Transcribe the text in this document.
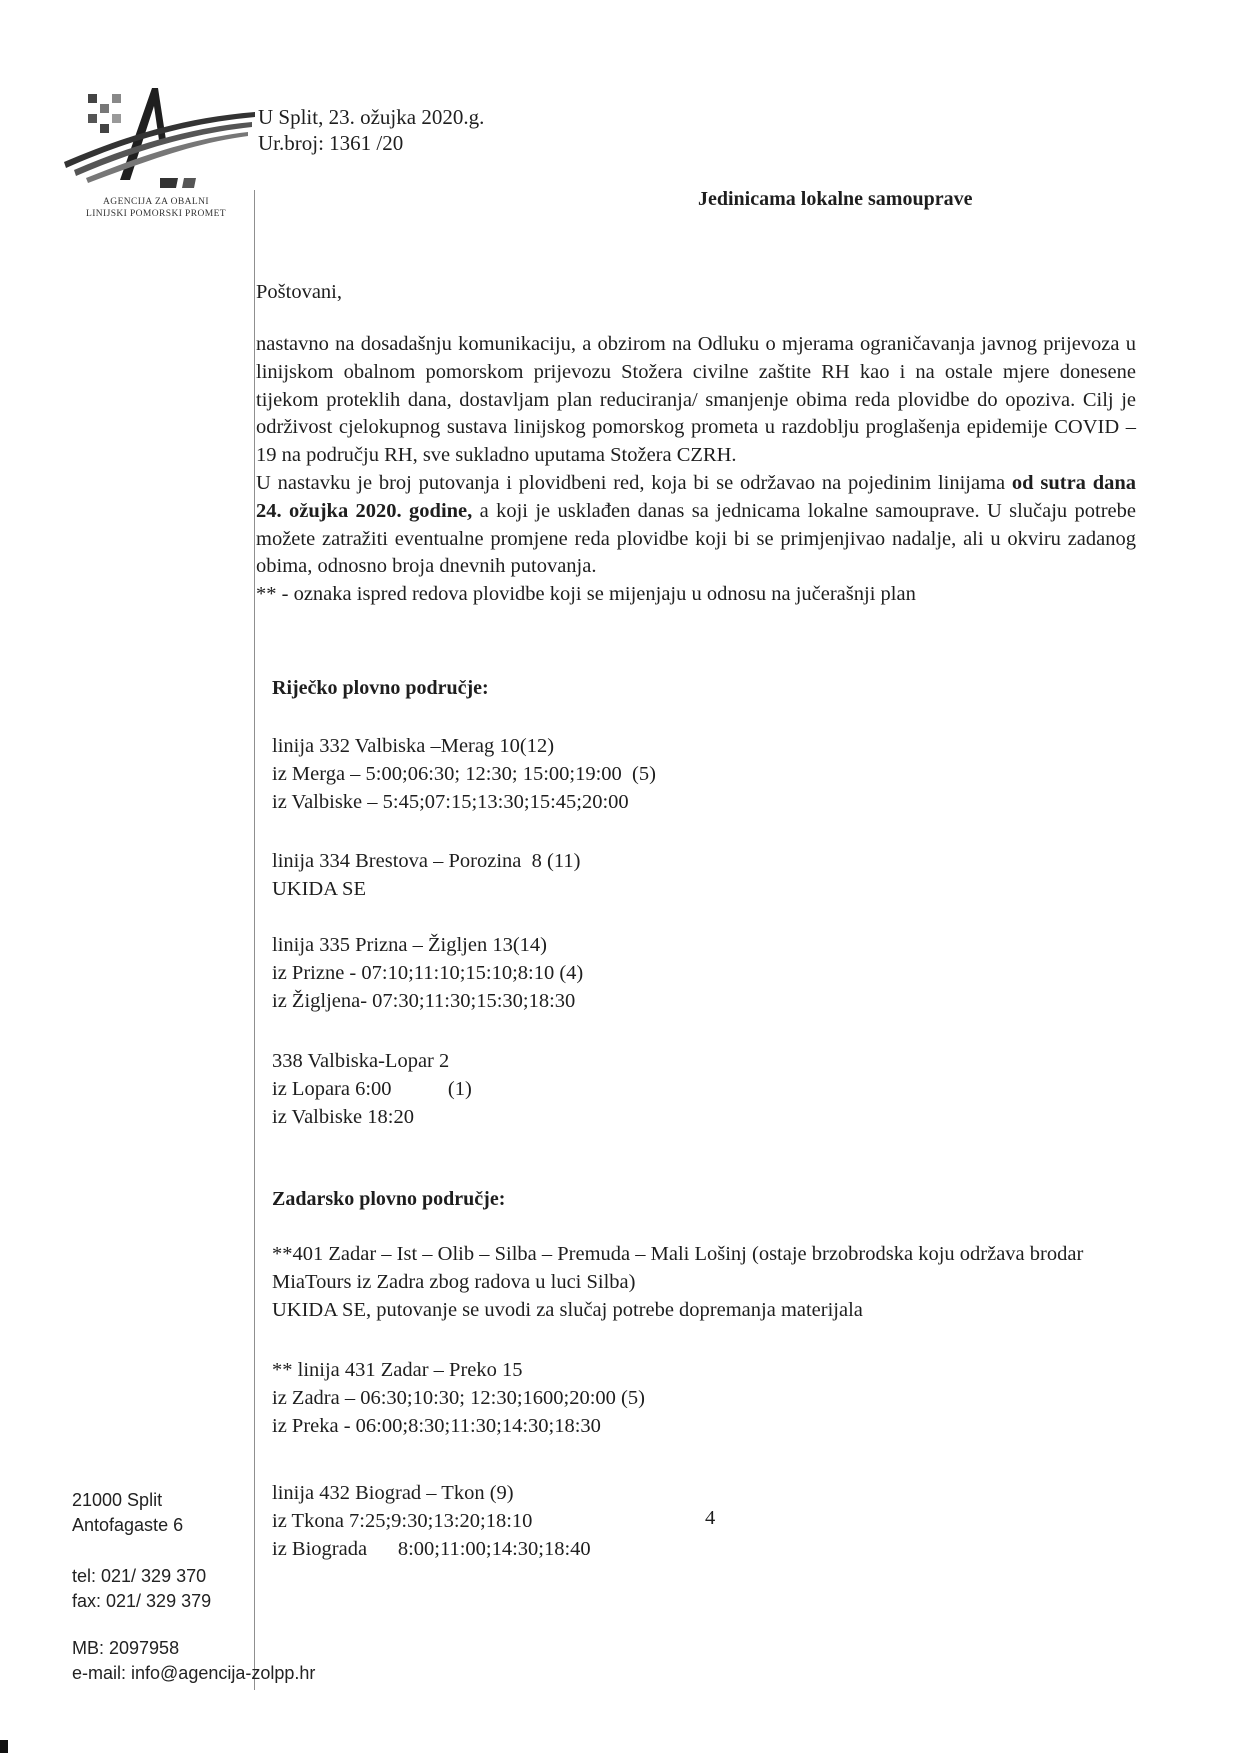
AGENCIJA ZA OBALNI
LINIJSKI POMORSKI PROMET
U Split, 23. ožujka 2020.g.
Ur.broj: 1361 /20
Jedinicama lokalne samouprave
Poštovani,

nastavno na dosadašnju komunikaciju, a obzirom na Odluku o mjerama ograničavanja javnog prijevoza u linijskom obalnom pomorskom prijevozu Stožera civilne zaštite RH kao i na ostale mjere donesene tijekom proteklih dana, dostavljam plan reduciranja/ smanjenje obima reda plovidbe do opoziva. Cilj je održivost cjelokupnog sustava linijskog pomorskog prometa u razdoblju proglašenja epidemije COVID – 19 na području RH, sve sukladno uputama Stožera CZRH.

U nastavku je broj putovanja i plovidbeni red, koja bi se održavao na pojedinim linijama od sutra dana 24. ožujka 2020. godine, a koji je usklađen danas sa jednicama lokalne samouprave. U slučaju potrebe možete zatražiti eventualne promjene reda plovidbe koji bi se primjenjivao nadalje, ali u okviru zadanog obima, odnosno broja dnevnih putovanja.

** - oznaka ispred redova plovidbe koji se mijenjaju u odnosu na jučerašnji plan

Riječko plovno područje:
linija 332 Valbiska –Merag 10(12)
iz Merga – 5:00;06:30; 12:30; 15:00;19:00  (5)
iz Valbiske – 5:45;07:15;13:30;15:45;20:00
linija 334 Brestova – Porozina  8 (11)
UKIDA SE
linija 335 Prizna – Žigljen 13(14)
iz Prizne - 07:10;11:10;15:10;8:10 (4)
iz Žigljena- 07:30;11:30;15:30;18:30
338 Valbiska-Lopar 2
iz Lopara 6:00           (1)
iz Valbiske 18:20
Zadarsko plovno područje:
**401 Zadar – Ist – Olib – Silba – Premuda – Mali Lošinj (ostaje brzobrodska koju održava brodar MiaTours iz Zadra zbog radova u luci Silba)
UKIDA SE, putovanje se uvodi za slučaj potrebe dopremanja materijala
** linija 431 Zadar – Preko 15
iz Zadra – 06:30;10:30; 12:30;1600;20:00 (5)
iz Preka - 06:00;8:30;11:30;14:30;18:30
linija 432 Biograd – Tkon (9)
iz Tkona 7:25;9:30;13:20;18:10
iz Biograda      8:00;11:00;14:30;18:40
4
21000 Split
Antofagaste 6
tel: 021/ 329 370
fax: 021/ 329 379
MB: 2097958
e-mail: info@agencija-zolpp.hr
